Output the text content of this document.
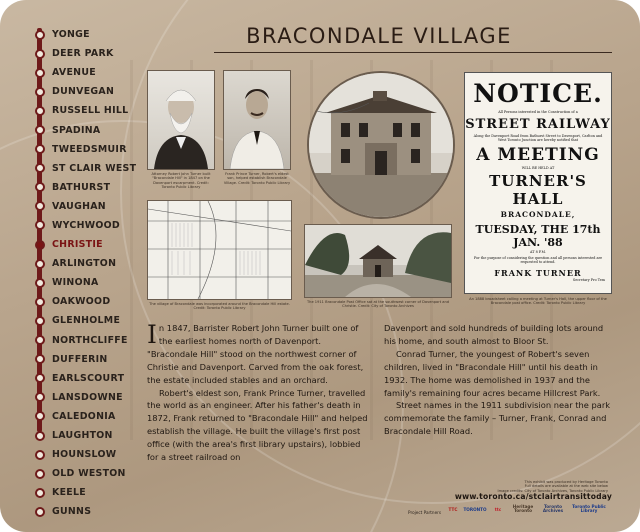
YONGE
DEER PARK
AVENUE
DUNVEGAN
RUSSELL HILL
SPADINA
TWEEDSMUIR
ST CLAIR WEST
BATHURST
VAUGHAN
WYCHWOOD
CHRISTIE
ARLINGTON
WINONA
OAKWOOD
GLENHOLME
NORTHCLIFFE
DUFFERIN
EARLSCOURT
LANSDOWNE
CALEDONIA
LAUGHTON
HOUNSLOW
OLD WESTON
KEELE
GUNNS
BRACONDALE VILLAGE
Attorney Robert John Turner built "Bracondale Hill" in 1847 on the Davenport escarpment. Credit: Toronto Public Library
Frank Prince Turner, Robert's eldest son, helped establish Bracondale Village. Credit: Toronto Public Library
The village of Bracondale was incorporated around the Bracondale Hill estate. Credit: Toronto Public Library
The 1911 Bracondale Post Office sat at the southwest corner of Davenport and Christie. Credit: City of Toronto Archives
NOTICE.
All Persons interested in the Construction of a
STREET RAILWAY
Along the Davenport Road from Bathurst Street to Davenport, Carlton and West Toronto Junction are hereby notified that
A MEETING
WILL BE HELD AT
TURNER'S HALL
BRACONDALE,
TUESDAY, THE 17th JAN. '88
AT 8 P.M.
For the purpose of considering the question and all persons interested are requested to attend.
FRANK TURNER
Secretary Pro Tem
An 1888 broadsheet calling a meeting at Turner's Hall, the upper floor of the Bracondale post office. Credit: Toronto Public Library

In 1847, Barrister Robert John Turner built one of the earliest homes north of Davenport. "Bracondale Hill" stood on the northwest corner of Christie and Davenport. Carved from the oak forest, the estate included stables and an orchard.

Robert's eldest son, Frank Prince Turner, travelled the world as an engineer. After his father's death in 1872, Frank returned to "Bracondale Hill" and helped establish the village. He built the village's first post office (with the area's first library upstairs), lobbied for a street railroad on

Davenport and sold hundreds of building lots around his home, and south almost to Bloor St.

Conrad Turner, the youngest of Robert's seven children, lived in "Bracondale Hill" until his death in 1932. The home was demolished in 1937 and the family's remaining four acres became Hillcrest Park.

Street names in the 1911 subdivision near the park commemorate the family – Turner, Frank, Conrad and Bracondale Hill Road.

This exhibit was produced by Heritage Toronto
Full details are available at the web site below
Image credits: City of Toronto Archives, Toronto Public Library
www.toronto.ca/stclairtransittoday
Project Partners
TTC	TORONTO	ttc
Heritage Toronto
Toronto Archives
Toronto Public Library
